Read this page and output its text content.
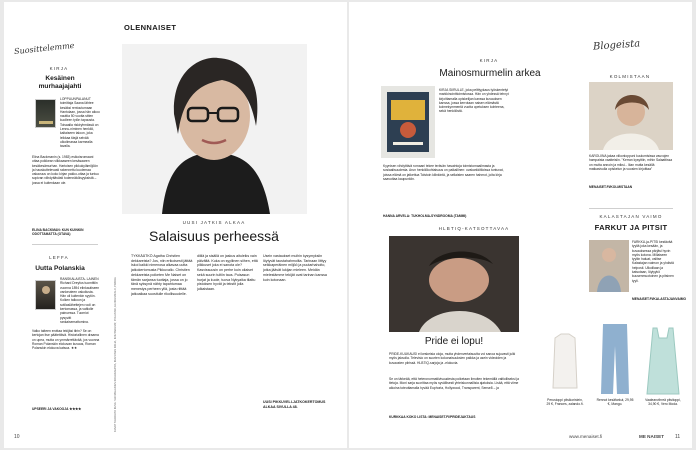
OLENNAISET
Suosittelemme
KIRJA
Kesäinen
murhaajajahti
LOPPUUNPALANUT toimittaja Saana lähtee kesäksi rentoutumaan Hantolaan, jossa hän aikoo nauttia 50 vuotta sitten kuolleen tytön tapausta. Toisaalla riskiryhmässä on Lennu-niminen henkilö, kaltaiseen taloon, joka leikkaa täsjä selvää ulkoilmassa karmealla tavalla.
Elina Backmanin (s. 1983) esikoisromaani ottaa poikkean vilkkaaseen kesäsaaren kesäkesämurhan. Hartoisen pikkukylämiljöön ja hauskuttelevasti rakennettu kuolemaa vakavuus on koko kirjan pakko-ottaa ja tuntuu sopivan viihdyttävästi todennäköisyyksistä – jossa ei kuitenkaan ole.
ELINA BACKMAN: KUN KUINKIN ODOTTAMATTA (OTAVA)
LEFFA
Uutta Polanskia
RANSKALAISTA- LAINEN Richard Dreyfus tuomittiin vuonna 1894 elinkautiseen vankeuteen vakoilusta. Hän oli kuitenkin syytön. Kolken talkoon ja sotilaslähettejen rooli on kertomassa, ja valtiolle painuessa. Tuomiot pysyvät rankaisemattomina.
Valko taiteen erottaa tekijäsi tiirin? Se on kertojan itse päätettävä. Historiallinen draama on upea, mutta on ymmärrettävää, jos vuonna Roman Polanskin elokuvan kuvaus, Roman Polanskin elokuva katsoa. ★★
UPSEERI JA VAKOOJA ★★★★
UUSI JATKIS ALKAA
Salaisuus perheessä
TYKKÄÄTKÖ Agatha Christien dekkareista? Jos, niin erikoisesti jättää Iskoi kaikki nimenosa alkavaa uutta jatkokertomusta Pikkuvallo. Christien dekkareista poiketen Me Naiset on tämän sarjansa tuottaja, jossa on jo tänä syksynä nähty tapahtumaa menestys perheen yllä, josta riittää jatkoaikaa suositulle rikollisuudelle.
diiliä ja sisällä on jaskus aituleiks vain päivältä. Kuka on syyllinen siihen, että piikkuset joka ei sanota ole? Kasvissuusin on perhe kuin oliaiset sekä suurin tultiin taus. Puisasun hurjat ja kuole, tuova Nykyaika tilattu pistoksen hyvät ja tekstit jolla julkaistaan.
Usein vastaukset muihin kysymyksiin löytyvät taustahahmoilta. Tarinaan liittyy seikkaperäinen miljöö ja puutarhahoito, jotka jäävät lukijan mieleen. Meidän mielestämme tekijät ovat tarinan kanssa kuin kotonaan.
UUSI PIKKUVELI-JATKOKERTOMUS ALKAA SIVULLA 48.
KUVAT TAVARATO KUVA: SUOMALAINEN KIRJAKAUPPA, KUUSINEN KIRJA, KOHTAKUVAT, POLANSKI, ELOKUVATALO, PIRKKA
10
KIRJA
Mainosmurmelin arkea
KIRJA SIIRULLE, joka pelittyykaus työskentelyt markkinointitoimistossa. Hän on yhdessä tehnyt kirjoittamalla opiskelijan kanssa kuvauksen kanssa, jossa kerrotaan naisen elämästä kolmekymmentä vuotta opetuksen kohteena, sekä henkilöstä.
Kyynisen vihdyttävä romaani tekee terävän havaintoja toimistomaailmasta ja sosiaalisuudesta. Arun henkilökohtaisuus on paikallinen: ovakarkkitiloissa tuntuvat, joissa elämä on jatkettua Tolstoin kilinkintä, ja sellaisten saaren hahmot, joita kirja saavuttaa kaupunkiin.
HANNA ARVELA: TUKHOLMA-SYNDROOMA (TAMMI)
HLBTIQ-KATSOTTAVAA
Pride ei lopu!
PRIDE-KUUKAUSI ei keskeisia oloja, mutta yhdenvertaisuutta voi sanoa sujuvasti julki myös jaksolla. Televisio on suurten kokonaisuuksien paikka ja usein videoiden ja kuvausten piirissä. HLBTIQ-sarjoja ja -elokuvia.
Se on tärkeää, että heteronormatiivisuudesta poiketaan ilmoiten tekemällä valtiolliseksi ja tietoja. Moni sarja suorittaa myös syvällisesti yhteiskunnallisia ajatuksia. Lisää, että viime aikoina toteuttamalla hyvää Euphoria, Hollywood, Transparent, Sense8 – ja
KURKKAA KOKO LISTA: MENAISET.FI/PRIDEJAKTAUS
Blogeista
KOLMISTAAN
KAROLIINA jakaa viikonloppuni kuulumisissa vauvojen hampaista vaatteisiin. "Kerran kysyttiin, mihin Salaattissa on mutta annoin ja miksi... liian mutta kesällä matkasivulla opiskelun ja vuosien kirjoittaa"
MENAISET.FI/KOLMISTAAN
KALASTAJAN VAIMO
FARKUT JA PITSIT
FARKKU-ja-PITSI kestävää tyyliä joka kesään, ja kuvauksessa pärjäsi hyvin myös kotona. Millaiseen tyyliin haluat, valitse Kalastajan vaimon ja yhdistä helposti. Ulkoillaan ja katsotaan, löytyykö kuusenmuotoinen ja pitsinen tyyli.
MENAISET.FI/KALASTAJANVAIMO
Perustoppi pitsikoristein, 29 €, Frances, zalando.fi.
Rennot kesäfarkut, 29,95 €, Mango.
Vaaleanvihreä pitsitoppi, 34,90 €, Vero Moda.
www.menaiset.fi	ME NAISET 11
